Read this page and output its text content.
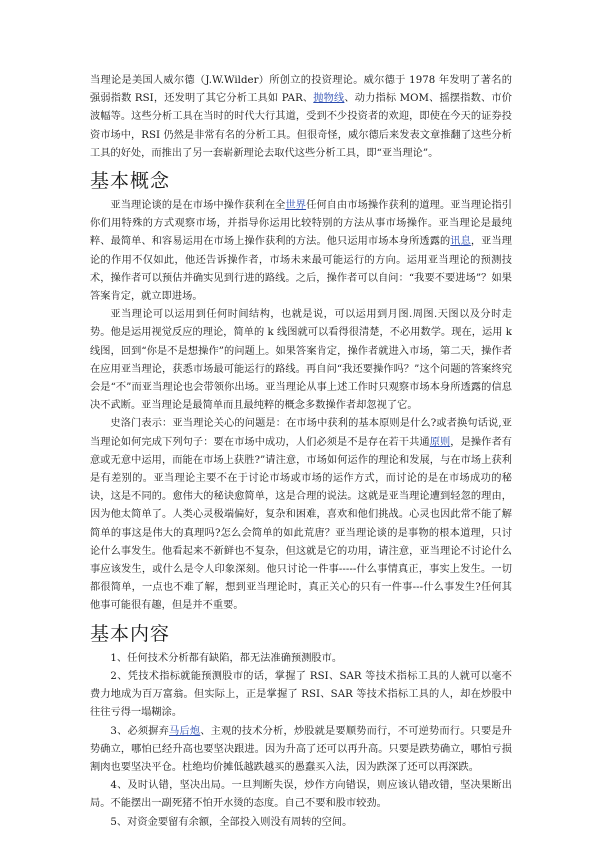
当理论是美国人威尔德（J.W.Wilder）所创立的投资理论。威尔德于 1978 年发明了著名的强弱指数 RSI，还发明了其它分析工具如 PAR、抛物线、动力指标 MOM、摇摆指数、市价波幅等。这些分析工具在当时的时代大行其道，受到不少投资者的欢迎，即使在今天的证券投资市场中，RSI 仍然是非常有名的分析工具。但很奇怪，威尔德后来发表文章推翻了这些分析工具的好处，而推出了另一套崭新理论去取代这些分析工具，即“亚当理论”。

基本概念

亚当理论谈的是在市场中操作获利在全世界任何自由市场操作获利的道理。亚当理论指引你们用特殊的方式观察市场，并指导你运用比较特别的方法从事市场操作。亚当理论是最纯粹、最简单、和容易运用在市场上操作获利的方法。他只运用市场本身所透露的讯息，亚当理论的作用不仅如此，他还告诉操作者，市场未来最可能运行的方向。运用亚当理论的预测技术，操作者可以预估并确实见到行进的路线。之后，操作者可以自问：“我要不要进场”？如果答案肯定，就立即进场。

亚当理论可以运用到任何时间结构，也就是说，可以运用到月图.周图.天图以及分时走势。他是运用视觉反应的理论，简单的 k 线图就可以看得很清楚，不必用数学。现在，运用 k 线图，回到“你是不是想操作”的问题上。如果答案肯定，操作者就进入市场，第二天，操作者在应用亚当理论，获悉市场最可能运行的路线。再自问“我还要操作吗？”这个问题的答案终究会是“不”而亚当理论也会带领你出场。亚当理论从事上述工作时只观察市场本身所透露的信息决不武断。亚当理论是最简单而且最纯粹的概念多数操作者却忽视了它。

史洛门表示：亚当理论关心的问题是：在市场中获利的基本原则是什么?或者换句话说,亚当理论如何完成下列句子：要在市场中成功，人们必须是不是存在若干共通原则，是操作者有意或无意中运用，而能在市场上获胜?”请注意，市场如何运作的理论和发展，与在市场上获利是有差别的。亚当理论主要不在于讨论市场或市场的运作方式，而讨论的是在市场成功的秘诀，这是不同的。愈伟大的秘诀愈简单，这是合理的说法。这就是亚当理论遭到轻忽的理由，因为他太简单了。人类心灵极端偏好，复杂和困难，喜欢和他们挑战。心灵也因此常不能了解简单的事这是伟大的真理吗?怎么会简单的如此荒唐？亚当理论谈的是事物的根本道理，只讨论什么事发生。他看起来不新鲜也不复杂，但这就是它的功用，请注意，亚当理论不讨论什么事应该发生，或什么是令人印象深刻。他只讨论一件事-----什么事情真正，事实上发生。一切都很简单，一点也不难了解，想到亚当理论时，真正关心的只有一件事---什么事发生?任何其他事可能很有趣，但是并不重要。

基本内容

1、任何技术分析都有缺陷，都无法准确预测股市。

2、凭技术指标就能预测股市的话，掌握了 RSI、SAR 等技术指标工具的人就可以毫不费力地成为百万富翁。但实际上，正是掌握了 RSI、SAR 等技术指标工具的人，却在炒股中往往亏得一塌糊涂。

3、必须摒弃马后炮、主观的技术分析，炒股就是要顺势而行，不可逆势而行。只要是升势确立，哪怕已经升高也要坚决跟进。因为升高了还可以再升高。只要是跌势确立，哪怕亏损割肉也要坚决平仓。杜绝均价摊低越跌越买的愚蠢买入法，因为跌深了还可以再深跌。

4、及时认错，坚决出局。一旦判断失误，炒作方向错误，则应该认错改错，坚决果断出局。不能摆出一副死猪不怕开水烫的态度。自己不要和股市较劲。

5、对资金要留有余额，全部投入则没有周转的空间。
